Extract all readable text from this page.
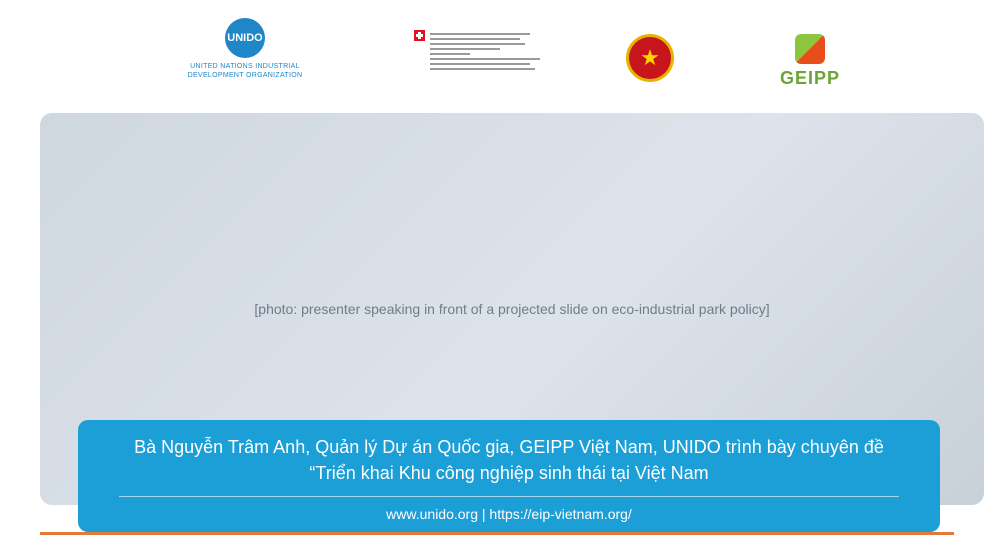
UNIDO
UNITED NATIONS INDUSTRIAL DEVELOPMENT ORGANIZATION
★	GEIPP
[photo: presenter speaking in front of a projected slide on eco-industrial park policy]
Bà Nguyễn Trâm Anh, Quản lý Dự án Quốc gia, GEIPP Việt Nam, UNIDO trình bày chuyên đề
“Triển khai Khu công nghiệp sinh thái tại Việt Nam
www.unido.org | https://eip-vietnam.org/
